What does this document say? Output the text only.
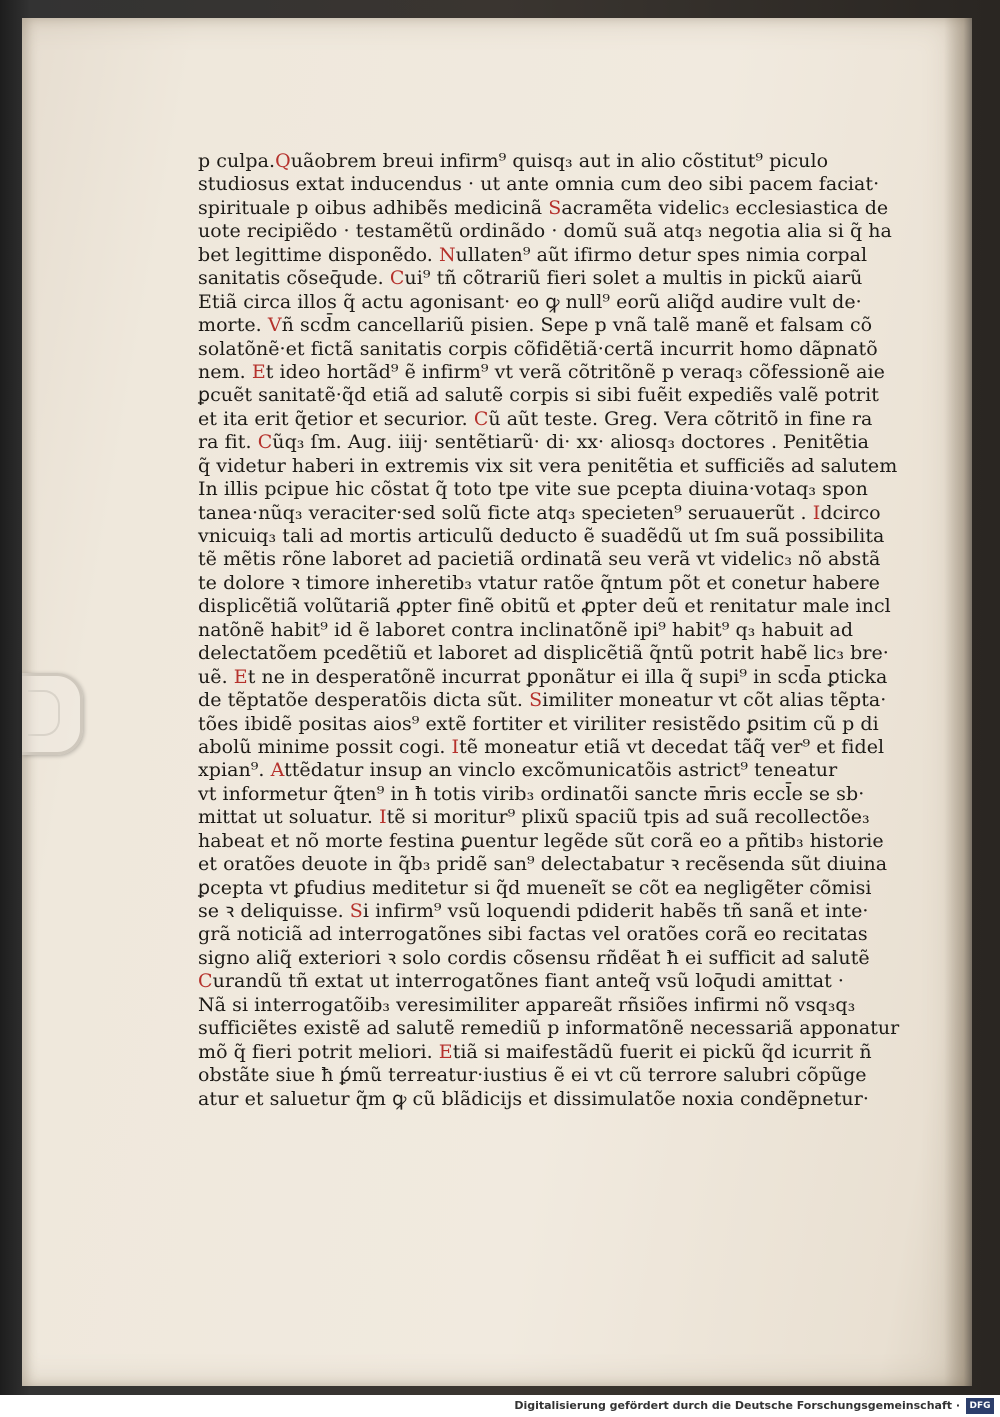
p culpa.Quãobrem breui infirm⁹ quisq₃ aut in alio cõstitut⁹ piculo
studiosus extat inducendus · ut ante omnia cum deo sibi pacem faciat·
spirituale p oibus adhibẽs medicinã Sacramẽta videlic₃ ecclesiastica de
uote recipiẽdo · testamẽtũ ordinãdo · domũ suã atq₃ negotia alia si q̃ ha
bet legittime disponẽdo. Nullaten⁹ aũt ifirmo detur spes nimia corpal
sanitatis cõseq̄ude. Cui⁹ tñ cõtrariũ fieri solet a multis in pickũ aiarũ
Etiã circa illos q̃ actu agonisant· eo ꝙ null⁹ eorũ aliq̃d audire vult de·
morte. Vñ scd̄m cancellariũ pisien. Sepe p vnã talẽ manẽ et falsam cõ
solatõnẽ·et fictã sanitatis corpis cõfidẽtiã·certã incurrit homo dãpnatõ
nem. Et ideo hortãd⁹ ẽ infirm⁹ vt verã cõtritõnẽ p veraq₃ cõfessionẽ aie
ꝑcuẽt sanitatẽ·q̃d etiã ad salutẽ corpis si sibi fuẽit expediẽs valẽ potrit
et ita erit q̃etior et securior. Cũ aũt teste. Greg. Vera cõtritõ in fine ra
ra fit. Cũq₃ ſm. Aug. iiij· sentẽtiarũ· di· xx· aliosq₃ doctores . Penitẽtia
q̃ videtur haberi in extremis vix sit vera penitẽtia et sufficiẽs ad salutem
In illis pcipue hic cõstat q̃ toto tpe vite sue pcepta diuina·votaq₃ spon
tanea·nũq₃ veraciter·sed solũ ficte atq₃ specieten⁹ seruauerũt . Idcirco
vnicuiq₃ tali ad mortis articulũ deducto ẽ suadẽdũ ut ſm suã possibilita
tẽ mẽtis rõne laboret ad pacietiã ordinatã seu verã vt videlic₃ nõ abstã
te dolore ꝛ timore inheretib₃ vtatur ratõe q̃ntum põt et conetur habere
displicẽtiã volũtariã ꝓpter finẽ obitũ et ꝓpter deũ et renitatur male incl
natõnẽ habit⁹ id ẽ laboret contra inclinatõnẽ ipi⁹ habit⁹ q₃ habuit ad
delectatõem pcedẽtiũ et laboret ad displicẽtiã q̃ntũ potrit habẽ lic₃ bre·
uẽ. Et ne in desperatõnẽ incurrat ꝑponãtur ei illa q̃ supi⁹ in scd̄a ꝑticka
de tẽptatõe desperatõis dicta sũt. Similiter moneatur vt cõt alias tẽpta·
tões ibidẽ positas aios⁹ extẽ fortiter et viriliter resistẽdo ꝑsitim cũ p di
abolũ minime possit cogi. Itẽ moneatur etiã vt decedat tãq̃ ver⁹ et fidel
xpian⁹. Attẽdatur insup an vinclo excõmunicatõis astrict⁹ teneatur
vt informetur q̃ten⁹ in ħ totis virib₃ ordinatõi sancte m̄ris eccl̄e se sb·
mittat ut soluatur. Itẽ si moritur⁹ plixũ spaciũ tpis ad suã recollectõe₃
habeat et nõ morte festina ꝑuentur legẽde sũt corã eo a pñtib₃ historie
et oratões deuote in q̃b₃ pridẽ san⁹ delectabatur ꝛ recẽsenda sũt diuina
ꝑcepta vt ꝑfudius meditetur si q̃d mueneĩt se cõt ea negligẽter cõmisi
se ꝛ deliquisse. Si infirm⁹ vsũ loquendi pdiderit habẽs tñ sanã et inte·
grã noticiã ad interrogatõnes sibi factas vel oratões corã eo recitatas
signo aliq̃ exteriori ꝛ solo cordis cõsensu rñdẽat ħ ei sufficit ad salutẽ
Curandũ tñ extat ut interrogatõnes fiant anteq̃ vsũ loq̄udi amittat ·
Nã si interrogatõib₃ veresimiliter appareãt rñsiões infirmi nõ vsq₃q₃
sufficiẽtes existẽ ad salutẽ remediũ p informatõnẽ necessariã apponatur
mõ q̃ fieri potrit meliori. Etiã si maifestãdũ fuerit ei pickũ q̃d icurrit ñ
obstãte siue ħ ꝑ́mũ terreatur·iustius ẽ ei vt cũ terrore salubri cõpũge
atur et saluetur q̃m ꝙ cũ blãdicijs et dissimulatõe noxia condẽpnetur·
Digitalisierung gefördert durch die Deutsche Forschungsgemeinschaft ·	DFG
